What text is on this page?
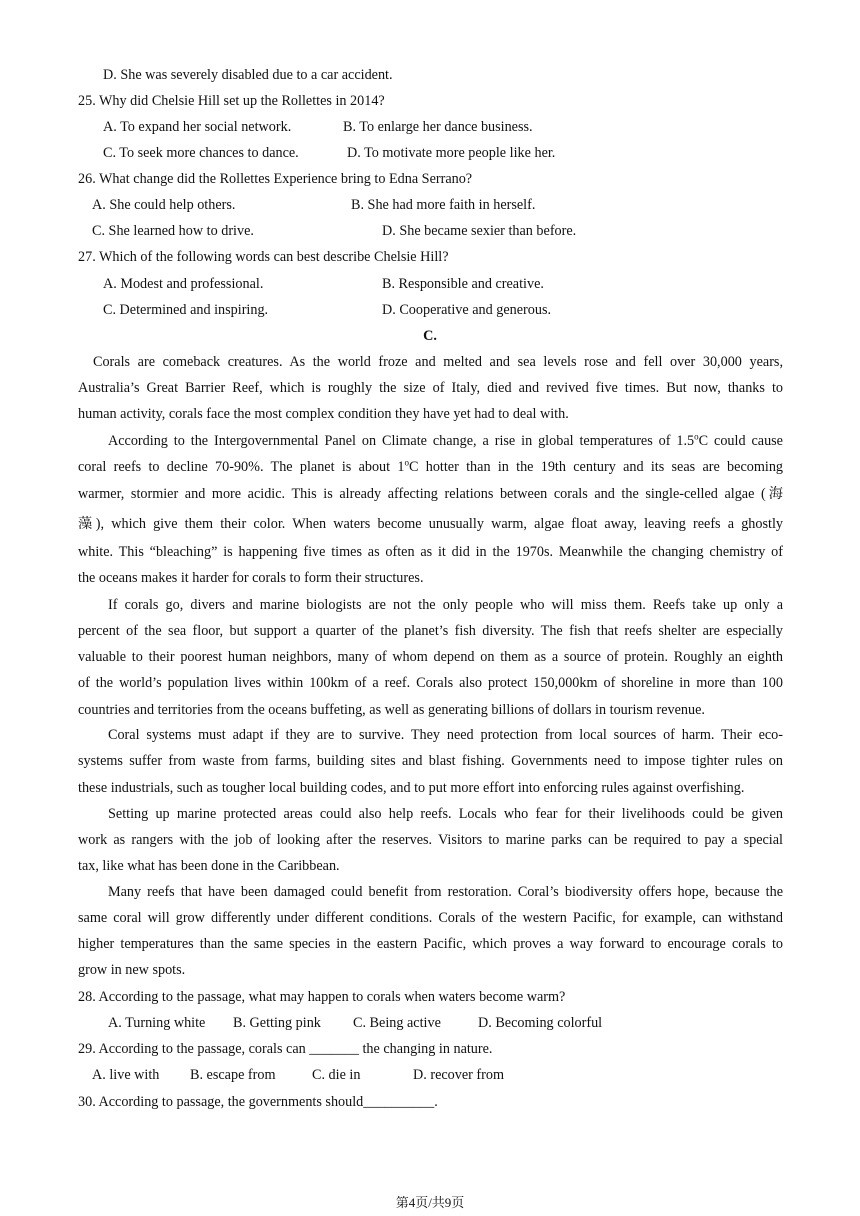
D. She was severely disabled due to a car accident.
25. Why did Chelsie Hill set up the Rollettes in 2014?
A. To expand her social network.	B. To enlarge her dance business.
C. To seek more chances to dance.	D. To motivate more people like her.
26. What change did the Rollettes Experience bring to Edna Serrano?
A. She could help others.	B. She had more faith in herself.
C. She learned how to drive.	D. She became sexier than before.
27. Which of the following words can best describe Chelsie Hill?
A. Modest and professional.	B. Responsible and creative.
C. Determined and inspiring.	D. Cooperative and generous.
C.
Corals are comeback creatures. As the world froze and melted and sea levels rose and fell over 30,000 years,
Australia’s Great Barrier Reef, which is roughly the size of Italy, died and revived five times. But now, thanks to
human activity, corals face the most complex condition they have yet had to deal with.
According to the Intergovernmental Panel on Climate change, a rise in global temperatures of 1.5$^o$C could cause
coral reefs to decline 70-90%. The planet is about 1$^o$C hotter than in the 19th century and its seas are becoming
warmer, stormier and more acidic. This is already affecting relations between corals and the single-celled algae (海
藻), which give them their color. When waters become unusually warm, algae float away, leaving reefs a ghostly
white. This “bleaching” is happening five times as often as it did in the 1970s. Meanwhile the changing chemistry of
the oceans makes it harder for corals to form their structures.
If corals go, divers and marine biologists are not the only people who will miss them. Reefs take up only a
percent of the sea floor, but support a quarter of the planet’s fish diversity. The fish that reefs shelter are especially
valuable to their poorest human neighbors, many of whom depend on them as a source of protein. Roughly an eighth
of the world’s population lives within 100km of a reef. Corals also protect 150,000km of shoreline in more than 100
countries and territories from the oceans buffeting, as well as generating billions of dollars in tourism revenue.
Coral systems must adapt if they are to survive. They need protection from local sources of harm. Their eco-
systems suffer from waste from farms, building sites and blast fishing. Governments need to impose tighter rules on
these industrials, such as tougher local building codes, and to put more effort into enforcing rules against overfishing.
Setting up marine protected areas could also help reefs. Locals who fear for their livelihoods could be given
work as rangers with the job of looking after the reserves. Visitors to marine parks can be required to pay a special
tax, like what has been done in the Caribbean.
Many reefs that have been damaged could benefit from restoration. Coral’s biodiversity offers hope, because the
same coral will grow differently under different conditions. Corals of the western Pacific, for example, can withstand
higher temperatures than the same species in the eastern Pacific, which proves a way forward to encourage corals to
grow in new spots.
28. According to the passage, what may happen to corals when waters become warm?
A. Turning white B. Getting pink C. Being active	D. Becoming colorful
29. According to the passage, corals can _______ the changing in nature.
A. live with B. escape from	C. die in	D. recover from
30. According to passage, the governments should__________.
第4页/共9页
